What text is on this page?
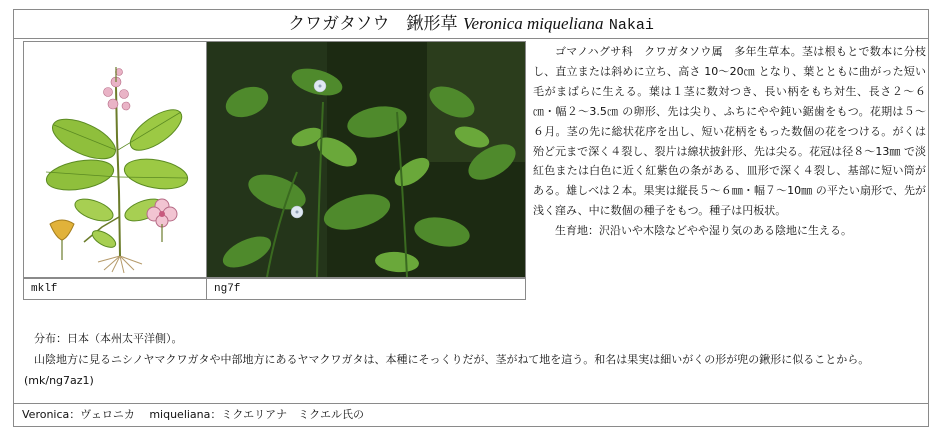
クワガタソウ　鍬形草 Veronica miqueliana Nakai
mklf	ng7f

ゴマノハグサ科　クワガタソウ属　多年生草本。茎は根もとで数本に分枝し、直立または斜めに立ち、高さ 10～20㎝ となり、葉とともに曲がった短い毛がまばらに生える。葉は１茎に数対つき、長い柄をもち対生、長さ２～６㎝・幅２～3.5㎝ の卵形、先は尖り、ふちにやや鈍い鋸歯をもつ。花期は５～６月。茎の先に総状花序を出し、短い花柄をもった数個の花をつける。がくは殆ど元まで深く４裂し、裂片は線状披針形、先は尖る。花冠は径８～13㎜ で淡紅色または白色に近く紅紫色の条がある、皿形で深く４裂し、基部に短い筒がある。雄しべは２本。果実は縦長５～６㎜・幅７～10㎜ の平たい扇形で、先が浅く窪み、中に数個の種子をもつ。種子は円板状。

生育地：沢沿いや木陰などやや湿り気のある陰地に生える。

分布：日本（本州太平洋側）。

山陰地方に見るニシノヤマクワガタや中部地方にあるヤマクワガタは、本種にそっくりだが、茎がねて地を這う。和名は果実は細いがくの形が兜の鍬形に似ることから。　　(mk/ng7az1)

Veronica：ヴェロニカ　 miqueliana：ミクエリアナ　ミクエル氏の
